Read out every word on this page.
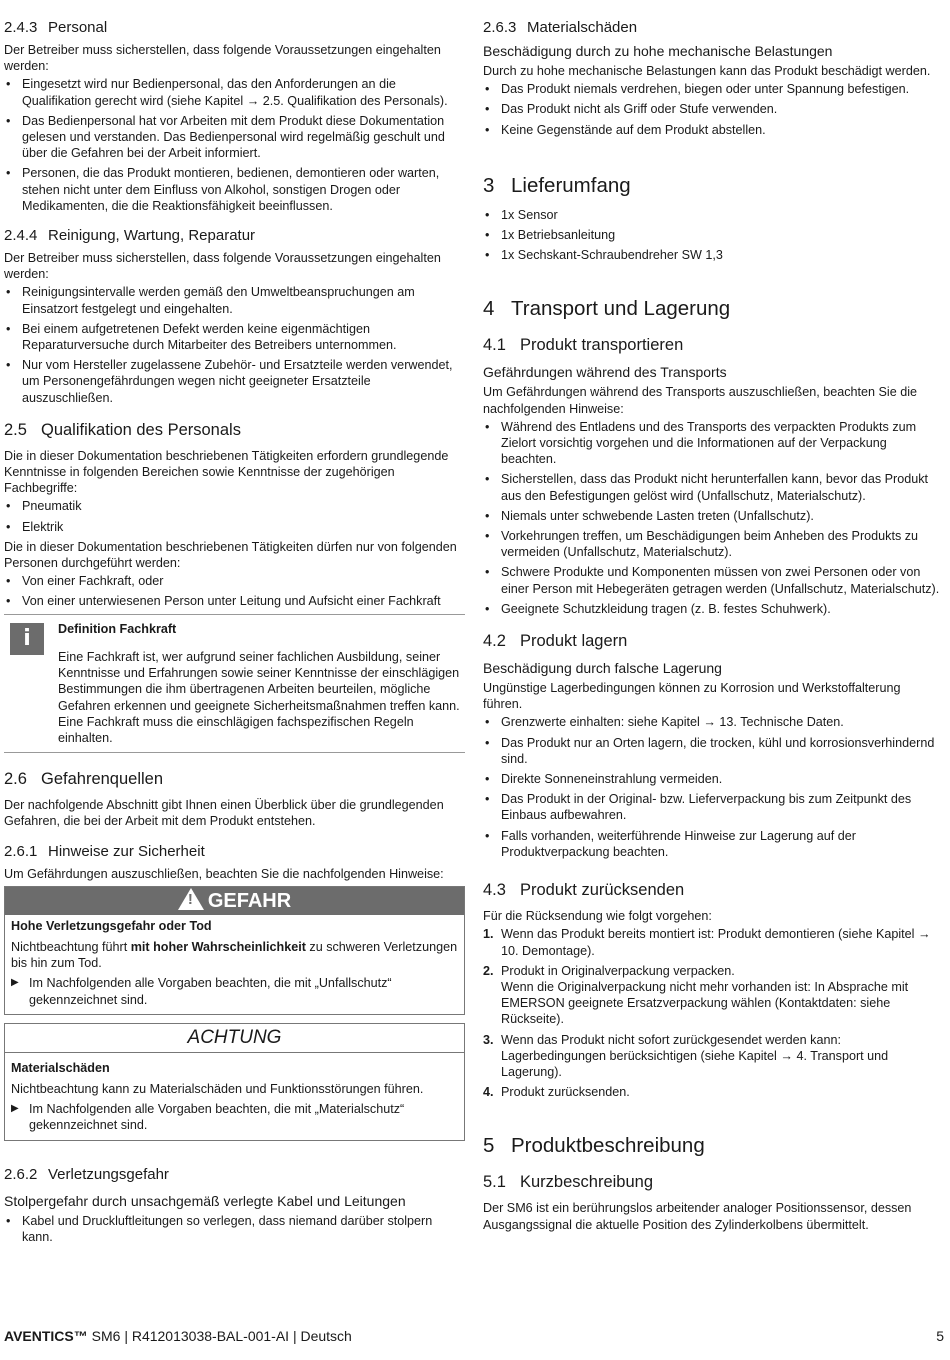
2.4.3 Personal

Der Betreiber muss sicherstellen, dass folgende Voraussetzungen eingehalten werden:

• Eingesetzt wird nur Bedienpersonal, das den Anforderungen an die Qualifikation gerecht wird (siehe Kapitel → 2.5. Qualifikation des Personals).
• Das Bedienpersonal hat vor Arbeiten mit dem Produkt diese Dokumentation gelesen und verstanden. Das Bedienpersonal wird regelmäßig geschult und über die Gefahren bei der Arbeit informiert.
• Personen, die das Produkt montieren, bedienen, demontieren oder warten, stehen nicht unter dem Einfluss von Alkohol, sonstigen Drogen oder Medikamenten, die die Reaktionsfähigkeit beeinflussen.
2.4.4 Reinigung, Wartung, Reparatur

Der Betreiber muss sicherstellen, dass folgende Voraussetzungen eingehalten werden:

• Reinigungsintervalle werden gemäß den Umweltbeanspruchungen am Einsatzort festgelegt und eingehalten.
• Bei einem aufgetretenen Defekt werden keine eigenmächtigen Reparaturversuche durch Mitarbeiter des Betreibers unternommen.
• Nur vom Hersteller zugelassene Zubehör- und Ersatzteile werden verwendet, um Personengefährdungen wegen nicht geeigneter Ersatzteile auszuschließen.
2.5 Qualifikation des Personals

Die in dieser Dokumentation beschriebenen Tätigkeiten erfordern grundlegende Kenntnisse in folgenden Bereichen sowie Kenntnisse der zugehörigen Fachbegriffe:

• Pneumatik
• Elektrik

Die in dieser Dokumentation beschriebenen Tätigkeiten dürfen nur von folgenden Personen durchgeführt werden:

• Von einer Fachkraft, oder
• Von einer unterwiesenen Person unter Leitung und Aufsicht einer Fachkraft
i	Definition Fachkraft
Eine Fachkraft ist, wer aufgrund seiner fachlichen Ausbildung, seiner Kenntnisse und Erfahrungen sowie seiner Kenntnisse der einschlägigen Bestimmungen die ihm übertragenen Arbeiten beurteilen, mögliche Gefahren erkennen und geeignete Sicherheitsmaßnahmen treffen kann. Eine Fachkraft muss die einschlägigen fachspezifischen Regeln einhalten.
2.6 Gefahrenquellen

Der nachfolgende Abschnitt gibt Ihnen einen Überblick über die grundlegenden Gefahren, die bei der Arbeit mit dem Produkt entstehen.

2.6.1 Hinweise zur Sicherheit

Um Gefährdungen auszuschließen, beachten Sie die nachfolgenden Hinweise:

! GEFAHR
Hohe Verletzungsgefahr oder Tod
Nichtbeachtung führt mit hoher Wahrscheinlichkeit zu schweren Verletzungen bis hin zum Tod.
▶ Im Nachfolgenden alle Vorgaben beachten, die mit „Unfallschutz“ gekennzeichnet sind.
ACHTUNG
Materialschäden
Nichtbeachtung kann zu Materialschäden und Funktionsstörungen führen.
▶ Im Nachfolgenden alle Vorgaben beachten, die mit „Materialschutz“ gekennzeichnet sind.
2.6.2 Verletzungsgefahr
Stolpergefahr durch unsachgemäß verlegte Kabel und Leitungen
• Kabel und Druckluftleitungen so verlegen, dass niemand darüber stolpern kann.
2.6.3 Materialschäden
Beschädigung durch zu hohe mechanische Belastungen

Durch zu hohe mechanische Belastungen kann das Produkt beschädigt werden.

• Das Produkt niemals verdrehen, biegen oder unter Spannung befestigen.
• Das Produkt nicht als Griff oder Stufe verwenden.
• Keine Gegenstände auf dem Produkt abstellen.
3 Lieferumfang
• 1x Sensor
• 1x Betriebsanleitung
• 1x Sechskant-Schraubendreher SW 1,3
4 Transport und Lagerung
4.1 Produkt transportieren
Gefährdungen während des Transports

Um Gefährdungen während des Transports auszuschließen, beachten Sie die nachfolgenden Hinweise:

• Während des Entladens und des Transports des verpackten Produkts zum Zielort vorsichtig vorgehen und die Informationen auf der Verpackung beachten.
• Sicherstellen, dass das Produkt nicht herunterfallen kann, bevor das Produkt aus den Befestigungen gelöst wird (Unfallschutz, Materialschutz).
• Niemals unter schwebende Lasten treten (Unfallschutz).
• Vorkehrungen treffen, um Beschädigungen beim Anheben des Produkts zu vermeiden (Unfallschutz, Materialschutz).
• Schwere Produkte und Komponenten müssen von zwei Personen oder von einer Person mit Hebegeräten getragen werden (Unfallschutz, Materialschutz).
• Geeignete Schutzkleidung tragen (z. B. festes Schuhwerk).
4.2 Produkt lagern
Beschädigung durch falsche Lagerung

Ungünstige Lagerbedingungen können zu Korrosion und Werkstoffalterung führen.

• Grenzwerte einhalten: siehe Kapitel → 13. Technische Daten.
• Das Produkt nur an Orten lagern, die trocken, kühl und korrosionsverhindernd sind.
• Direkte Sonneneinstrahlung vermeiden.
• Das Produkt in der Original- bzw. Lieferverpackung bis zum Zeitpunkt des Einbaus aufbewahren.
• Falls vorhanden, weiterführende Hinweise zur Lagerung auf der Produktverpackung beachten.
4.3 Produkt zurücksenden

Für die Rücksendung wie folgt vorgehen:

1. Wenn das Produkt bereits montiert ist: Produkt demontieren (siehe Kapitel → 10. Demontage).
2. Produkt in Originalverpackung verpacken.
Wenn die Originalverpackung nicht mehr vorhanden ist: In Absprache mit EMERSON geeignete Ersatzverpackung wählen (Kontaktdaten: siehe Rückseite).
3. Wenn das Produkt nicht sofort zurückgesendet werden kann: Lagerbedingungen berücksichtigen (siehe Kapitel → 4. Transport und Lagerung).
4. Produkt zurücksenden.
5 Produktbeschreibung
5.1 Kurzbeschreibung

Der SM6 ist ein berührungslos arbeitender analoger Positionssensor, dessen Ausgangssignal die aktuelle Position des Zylinderkolbens übermittelt.

AVENTICS™ SM6 | R412013038-BAL-001-AI | Deutsch	5
